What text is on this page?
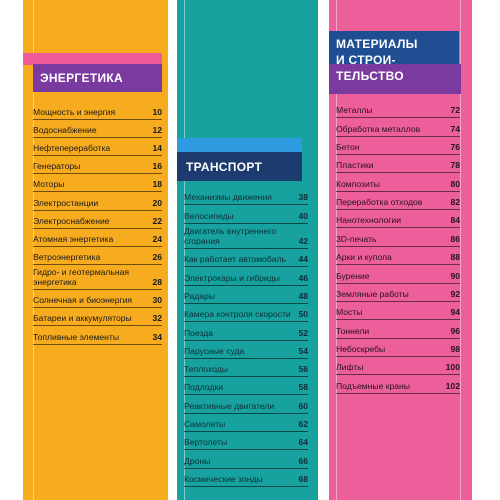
ЭНЕРГЕТИКА
ТРАНСПОРТ
МАТЕРИАЛЫ
И СТРОИ-
ТЕЛЬСТВО
Мощность и энергия	10
Водоснабжение	12
Нефтепереработка	14
Генераторы	16
Моторы	18
Электростанции	20
Электроснабжение	22
Атомная энергетика	24
Ветроэнергетика	26
Гидро- и геотермальная энергетика	28
Солнечная и биоэнергия 30
Батареи и аккумуляторы 32
Топливные элементы	34
Механизмы движения	38
Велосипеды	40
Двигатель внутреннего сгорания	42
Как работает автомобиль 44
Электрокары и гибриды	46
Радары	48
Камера контроля скорости 50
Поезда	52
Парусные суда	54
Теплоходы	56
Подлодки	58
Реактивные двигатели	60
Самолеты	62
Вертолеты	64
Дроны	66
Космические зонды	68
Металлы	72
Обработка металлов	74
Бетон	76
Пластики	78
Композиты	80
Переработка отходов	82
Нанотехнологии	84
3D-печать	86
Арки и купола	88
Бурение	90
Земляные работы	92
Мосты	94
Тоннели	96
Небоскребы	98
Лифты	100
Подъемные краны	102
